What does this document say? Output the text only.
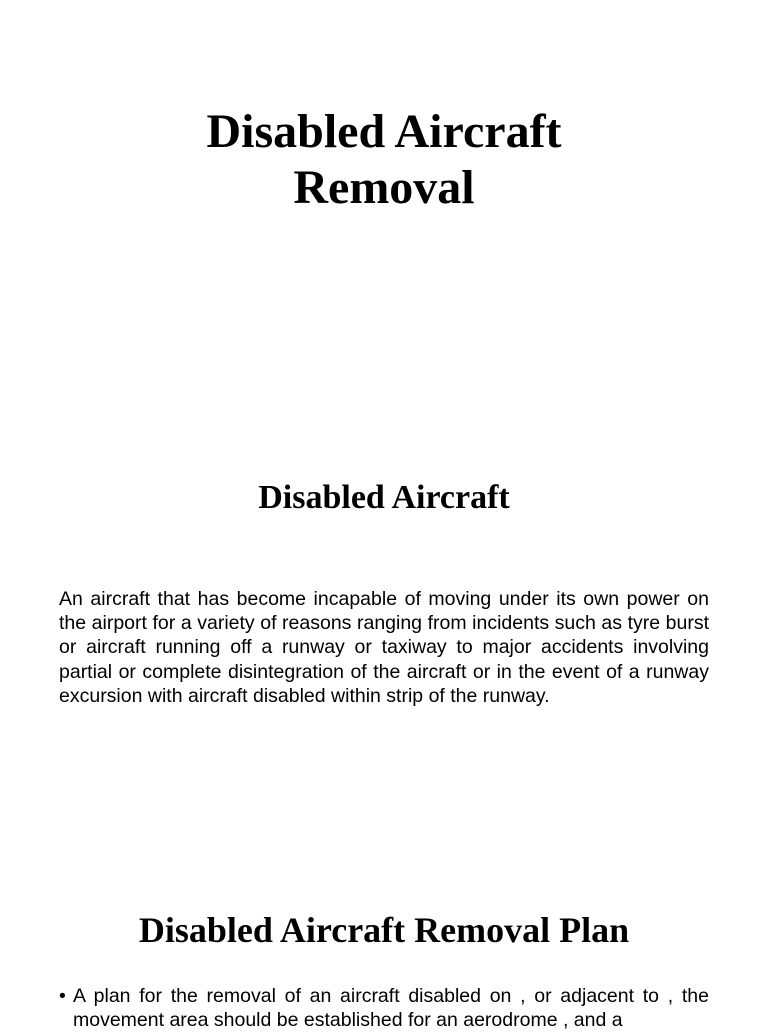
Disabled Aircraft
Removal
Disabled Aircraft

An aircraft that has become incapable of moving under its own power on the airport for a variety of reasons ranging from incidents such as tyre burst or aircraft running off a runway or taxiway to major accidents involving partial or complete disintegration of the aircraft or in the event of a runway excursion with aircraft disabled within strip of the runway.

Disabled Aircraft Removal Plan
• A plan for the removal of an aircraft disabled on , or adjacent to , the movement area should be established for an aerodrome , and a
